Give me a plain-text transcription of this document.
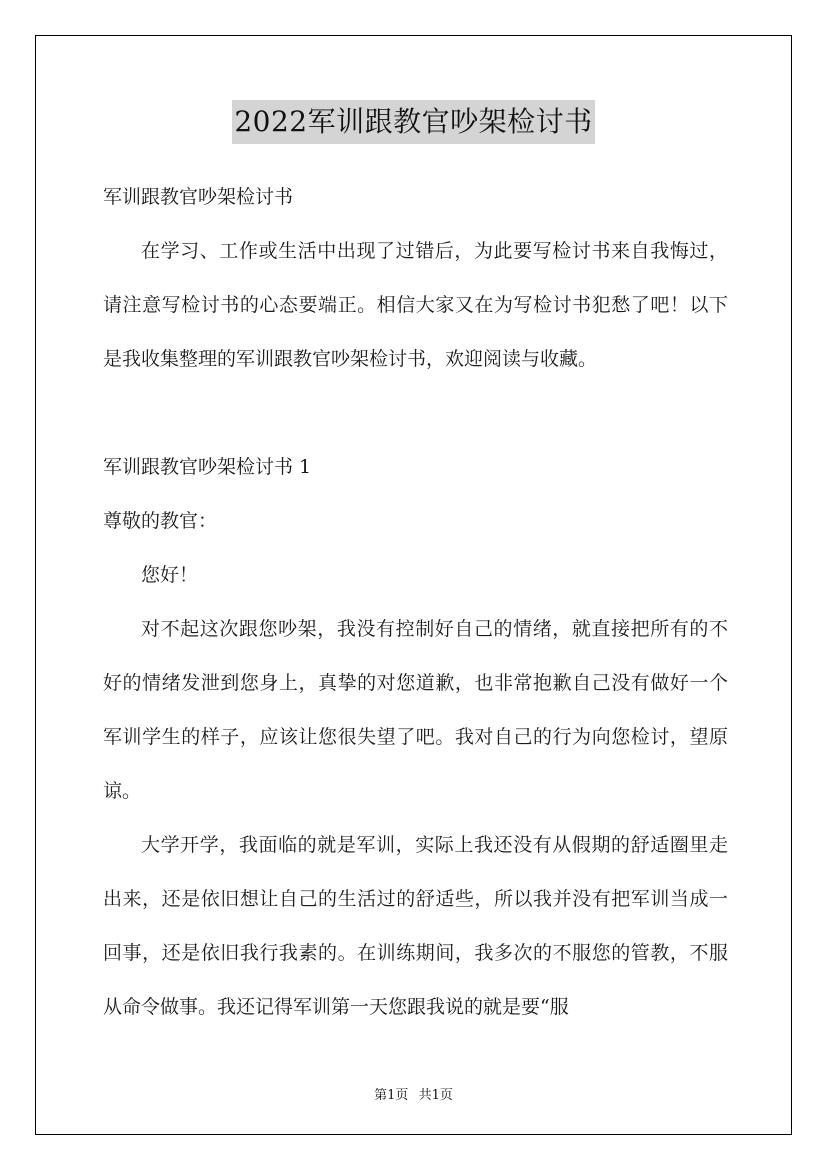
2022军训跟教官吵架检讨书

军训跟教官吵架检讨书

在学习、工作或生活中出现了过错后，为此要写检讨书来自我悔过，请注意写检讨书的心态要端正。相信大家又在为写检讨书犯愁了吧！以下是我收集整理的军训跟教官吵架检讨书，欢迎阅读与收藏。

军训跟教官吵架检讨书 1

尊敬的教官：

您好！

对不起这次跟您吵架，我没有控制好自己的情绪，就直接把所有的不好的情绪发泄到您身上，真挚的对您道歉，也非常抱歉自己没有做好一个军训学生的样子，应该让您很失望了吧。我对自己的行为向您检讨，望原谅。

大学开学，我面临的就是军训，实际上我还没有从假期的舒适圈里走出来，还是依旧想让自己的生活过的舒适些，所以我并没有把军训当成一回事，还是依旧我行我素的。在训练期间，我多次的不服您的管教，不服从命令做事。我还记得军训第一天您跟我说的就是要“服

第1页 共1页
